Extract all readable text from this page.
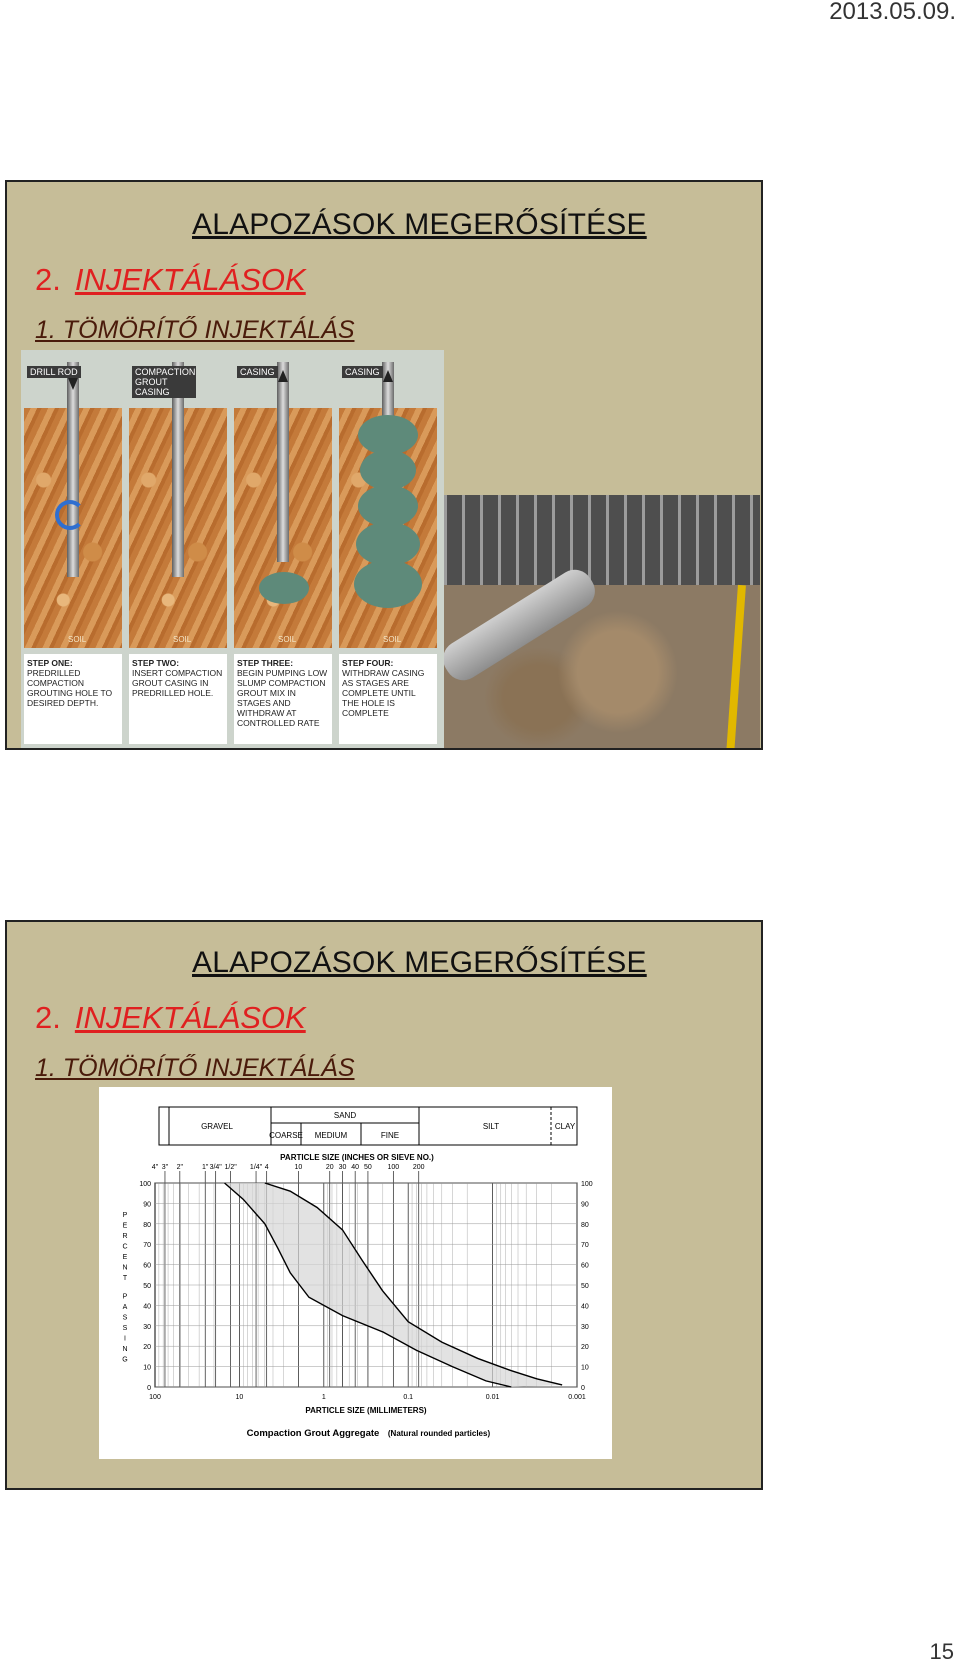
2013.05.09.
ALAPOZÁSOK MEGERŐSÍTÉSE
2. INJEKTÁLÁSOK
1. TÖMÖRÍTŐ INJEKTÁLÁS
SOIL
DRILL ROD
STEP ONE:
PREDRILLED COMPACTION GROUTING HOLE TO DESIRED DEPTH.
SOIL
COMPACTION GROUT CASING
STEP TWO:
INSERT COMPACTION GROUT CASING IN PREDRILLED HOLE.
SOIL
CASING
STEP THREE:
BEGIN PUMPING LOW SLUMP COMPACTION GROUT MIX IN STAGES AND WITHDRAW AT CONTROLLED RATE
SOIL
CASING
STEP FOUR:
WITHDRAW CASING AS STAGES ARE COMPLETE UNTIL THE HOLE IS COMPLETE
ALAPOZÁSOK MEGERŐSÍTÉSE
2. INJEKTÁLÁSOK
1. TÖMÖRÍTŐ INJEKTÁLÁS
GRAVEL
SAND
COARSE MEDIUM	FINE
SILT	CLAY
PARTICLE SIZE (INCHES OR SIEVE NO.)
4" 3" 2"	1" 3/4" 1/2" 1/4" 4	10	20 30 40 50 100 200
100	100
90	90
80	80
70	70
60	60
50	50
40	40
30	30
20	20
10	10
0	0
100	10	1	0.1	0.01	0.001
P
E
R
C
E
N
T
P
A
S
S
I
N
G
PARTICLE SIZE (MILLIMETERS)
Compaction Grout Aggregate (Natural rounded particles)
15
